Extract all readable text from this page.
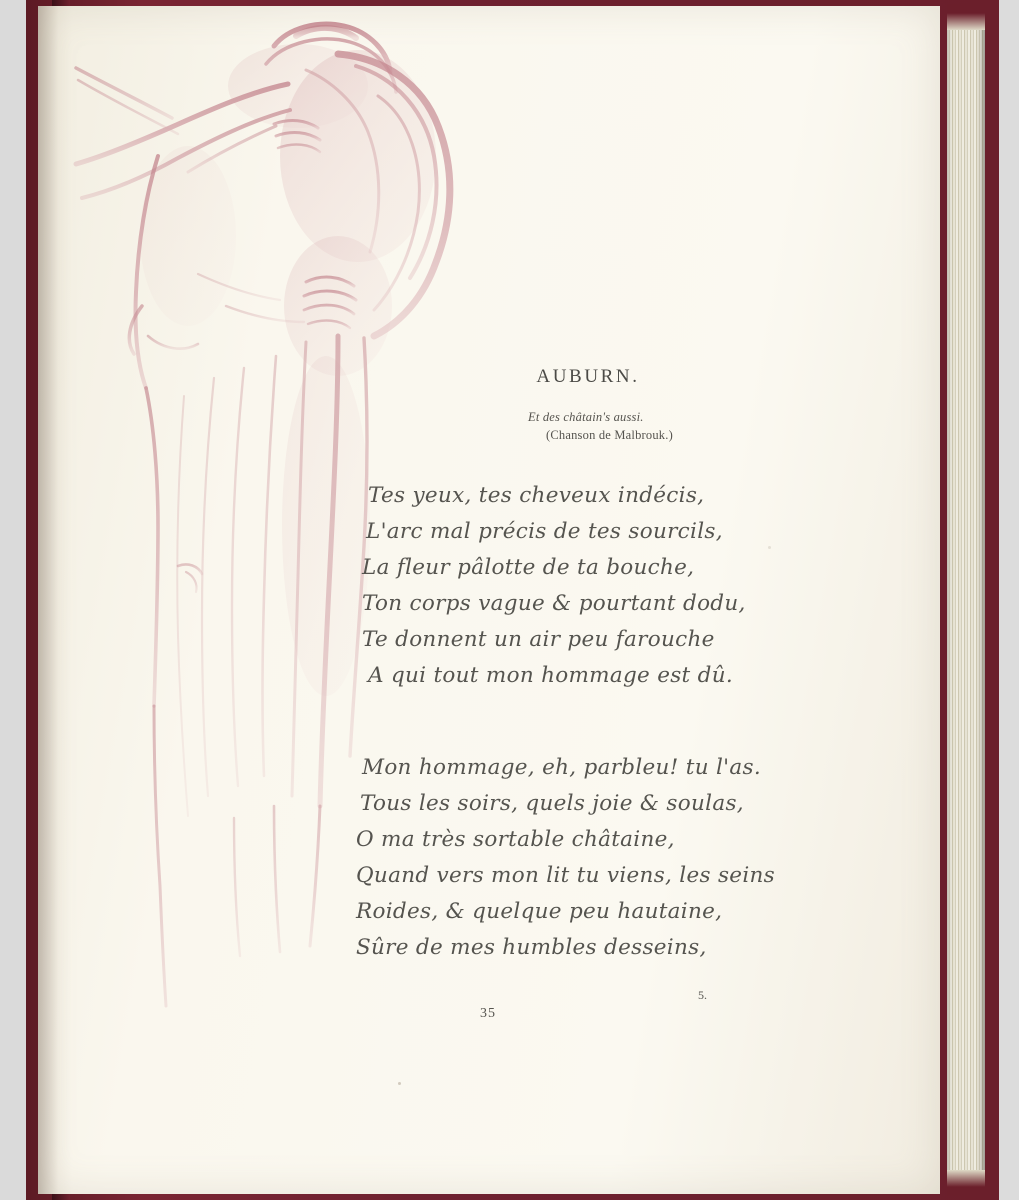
AUBURN.
Et des châtain's aussi.
(Chanson de Malbrouk.)
Tes yeux, tes cheveux indécis,
L'arc mal précis de tes sourcils,
La fleur pâlotte de ta bouche,
Ton corps vague & pourtant dodu,
Te donnent un air peu farouche
A qui tout mon hommage est dû.
Mon hommage, eh, parbleu! tu l'as.
Tous les soirs, quels joie & soulas,
O ma très sortable châtaine,
Quand vers mon lit tu viens, les seins
Roides, & quelque peu hautaine,
Sûre de mes humbles desseins,
5.
35
